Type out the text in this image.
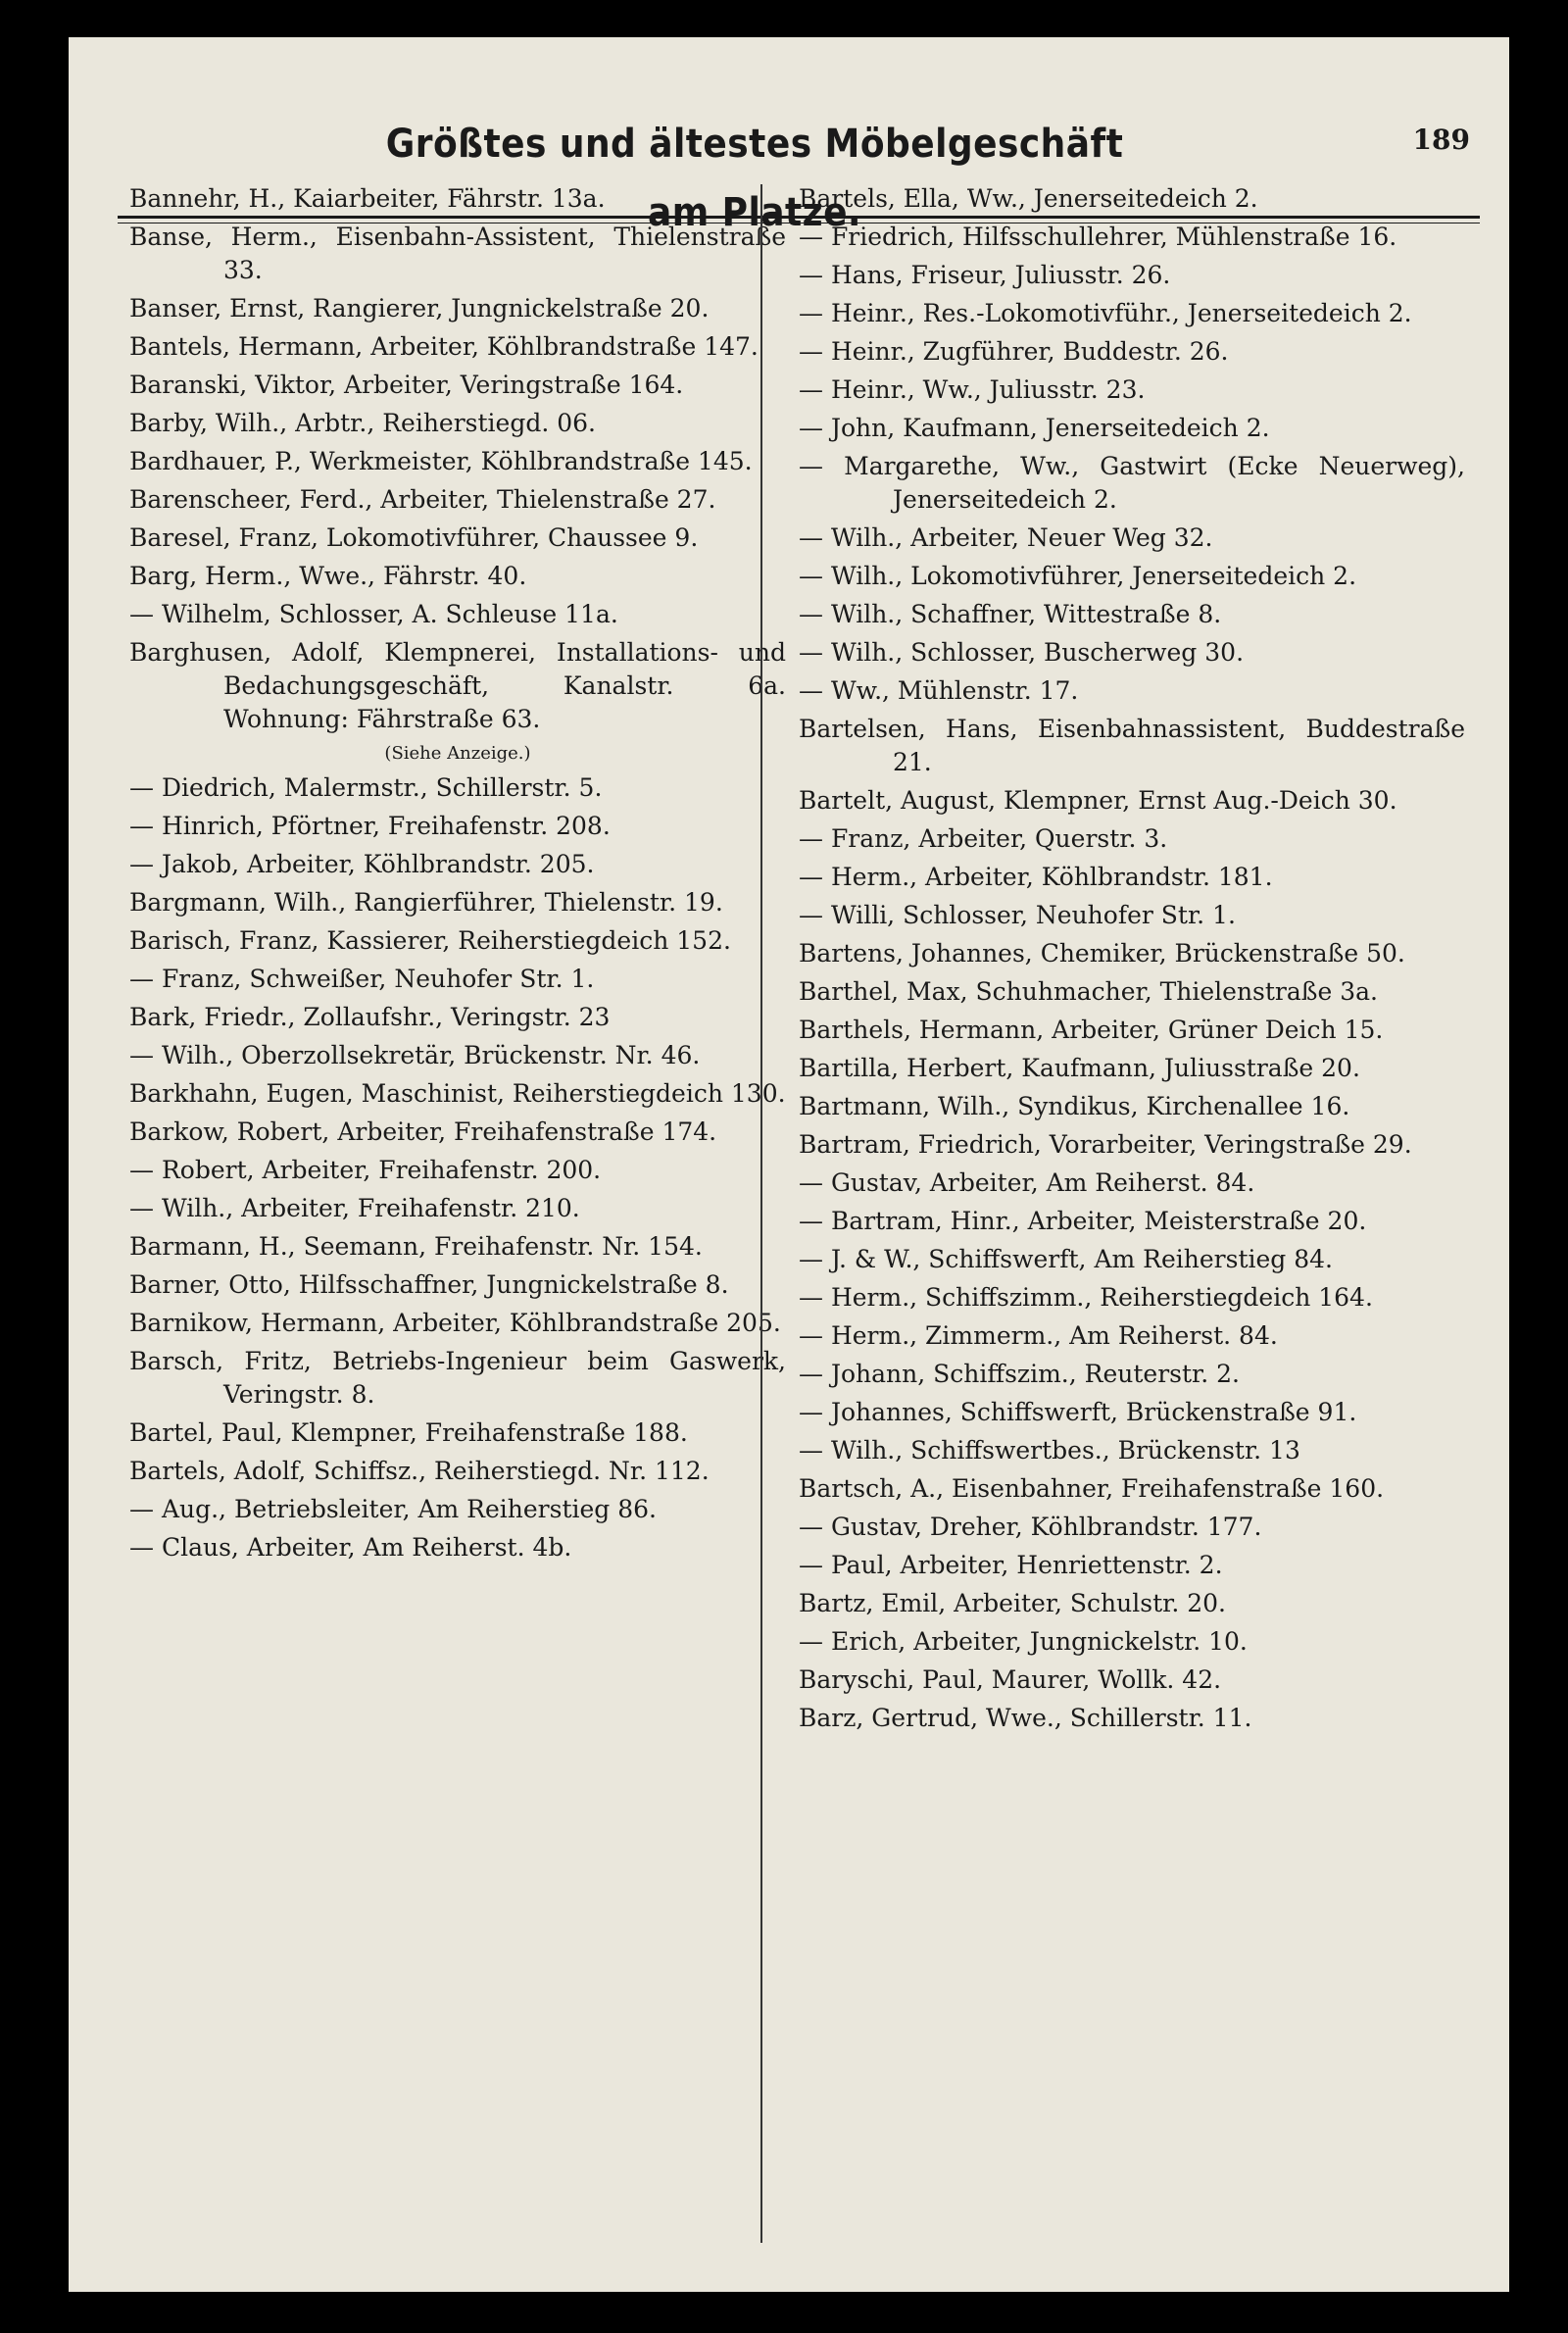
Größtes und ältestes Möbelgeschäft am Platze.
189

Bannehr, H., Kaiarbeiter, Fährstr. 13a.

Banse, Herm., Eisenbahn-Assistent, Thielenstraße 33.

Banser, Ernst, Rangierer, Jungnickelstraße 20.

Bantels, Hermann, Arbeiter, Köhlbrandstraße 147.

Baranski, Viktor, Arbeiter, Veringstraße 164.

Barby, Wilh., Arbtr., Reiherstiegd. 06.

Bardhauer, P., Werkmeister, Köhlbrandstraße 145.

Barenscheer, Ferd., Arbeiter, Thielenstraße 27.

Baresel, Franz, Lokomotivführer, Chaussee 9.

Barg, Herm., Wwe., Fährstr. 40.

— Wilhelm, Schlosser, A. Schleuse 11a.

Barghusen, Adolf, Klempnerei, Installations- und Bedachungsgeschäft, Kanalstr. 6a. Wohnung: Fährstraße 63.

(Siehe Anzeige.)

— Diedrich, Malermstr., Schillerstr. 5.

— Hinrich, Pförtner, Freihafenstr. 208.

— Jakob, Arbeiter, Köhlbrandstr. 205.

Bargmann, Wilh., Rangierführer, Thielenstr. 19.

Barisch, Franz, Kassierer, Reiherstiegdeich 152.

— Franz, Schweißer, Neuhofer Str. 1.

Bark, Friedr., Zollaufshr., Veringstr. 23

— Wilh., Oberzollsekretär, Brückenstr. Nr. 46.

Barkhahn, Eugen, Maschinist, Reiherstiegdeich 130.

Barkow, Robert, Arbeiter, Freihafenstraße 174.

— Robert, Arbeiter, Freihafenstr. 200.

— Wilh., Arbeiter, Freihafenstr. 210.

Barmann, H., Seemann, Freihafenstr. Nr. 154.

Barner, Otto, Hilfsschaffner, Jungnickelstraße 8.

Barnikow, Hermann, Arbeiter, Köhlbrandstraße 205.

Barsch, Fritz, Betriebs-Ingenieur beim Gaswerk, Veringstr. 8.

Bartel, Paul, Klempner, Freihafenstraße 188.

Bartels, Adolf, Schiffsz., Reiherstiegd. Nr. 112.

— Aug., Betriebsleiter, Am Reiherstieg 86.

— Claus, Arbeiter, Am Reiherst. 4b.

Bartels, Ella, Ww., Jenerseitedeich 2.

— Friedrich, Hilfsschullehrer, Mühlenstraße 16.

— Hans, Friseur, Juliusstr. 26.

— Heinr., Res.-Lokomotivführ., Jenerseitedeich 2.

— Heinr., Zugführer, Buddestr. 26.

— Heinr., Ww., Juliusstr. 23.

— John, Kaufmann, Jenerseitedeich 2.

— Margarethe, Ww., Gastwirt (Ecke Neuerweg), Jenerseitedeich 2.

— Wilh., Arbeiter, Neuer Weg 32.

— Wilh., Lokomotivführer, Jenerseitedeich 2.

— Wilh., Schaffner, Wittestraße 8.

— Wilh., Schlosser, Buscherweg 30.

— Ww., Mühlenstr. 17.

Bartelsen, Hans, Eisenbahnassistent, Buddestraße 21.

Bartelt, August, Klempner, Ernst Aug.-Deich 30.

— Franz, Arbeiter, Querstr. 3.

— Herm., Arbeiter, Köhlbrandstr. 181.

— Willi, Schlosser, Neuhofer Str. 1.

Bartens, Johannes, Chemiker, Brückenstraße 50.

Barthel, Max, Schuhmacher, Thielenstraße 3a.

Barthels, Hermann, Arbeiter, Grüner Deich 15.

Bartilla, Herbert, Kaufmann, Juliusstraße 20.

Bartmann, Wilh., Syndikus, Kirchenallee 16.

Bartram, Friedrich, Vorarbeiter, Veringstraße 29.

— Gustav, Arbeiter, Am Reiherst. 84.

— Bartram, Hinr., Arbeiter, Meisterstraße 20.

— J. & W., Schiffswerft, Am Reiherstieg 84.

— Herm., Schiffszimm., Reiherstiegdeich 164.

— Herm., Zimmerm., Am Reiherst. 84.

— Johann, Schiffszim., Reuterstr. 2.

— Johannes, Schiffswerft, Brückenstraße 91.

— Wilh., Schiffswertbes., Brückenstr. 13

Bartsch, A., Eisenbahner, Freihafenstraße 160.

— Gustav, Dreher, Köhlbrandstr. 177.

— Paul, Arbeiter, Henriettenstr. 2.

Bartz, Emil, Arbeiter, Schulstr. 20.

— Erich, Arbeiter, Jungnickelstr. 10.

Baryschi, Paul, Maurer, Wollk. 42.

Barz, Gertrud, Wwe., Schillerstr. 11.
